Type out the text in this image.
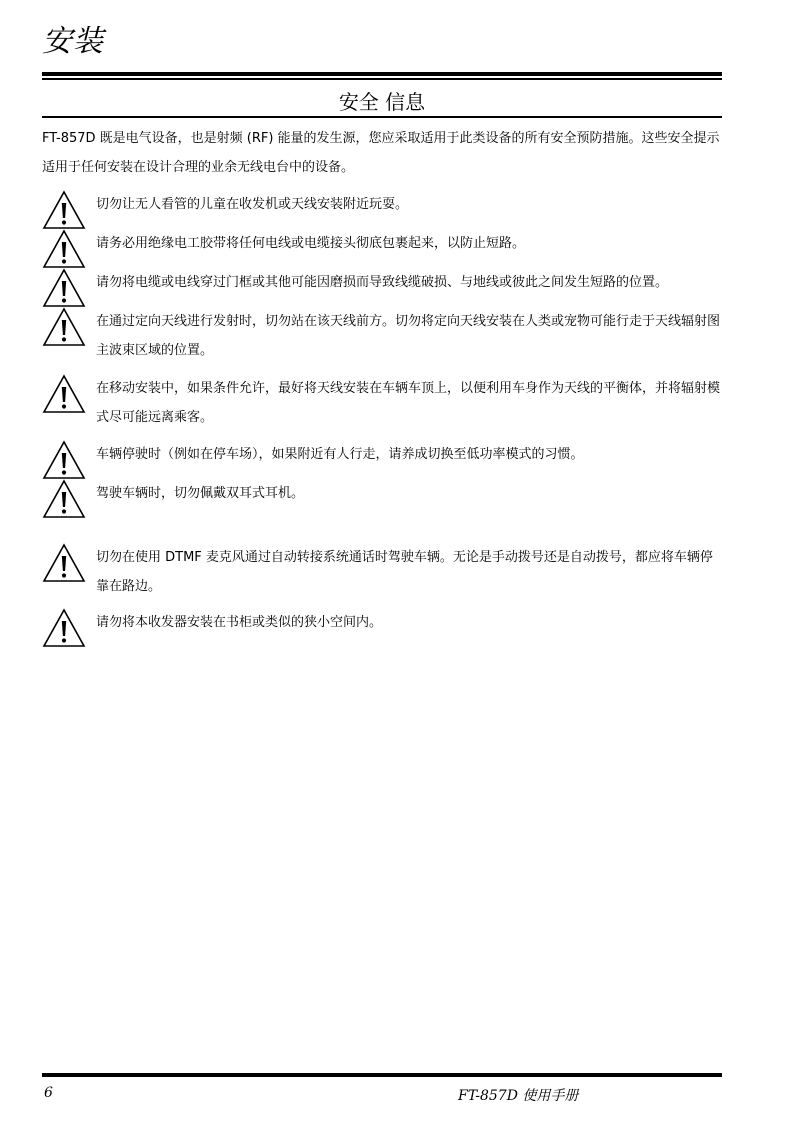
安装
安全 信息
FT-857D 既是电气设备，也是射频 (RF) 能量的发生源，您应采取适用于此类设备的所有安全预防措施。这些安全提示适用于任何安装在设计合理的业余无线电台中的设备。
切勿让无人看管的儿童在收发机或天线安装附近玩耍。
请务必用绝缘电工胶带将任何电线或电缆接头彻底包裹起来，以防止短路。
请勿将电缆或电线穿过门框或其他可能因磨损而导致线缆破损、与地线或彼此之间发生短路的位置。
在通过定向天线进行发射时，切勿站在该天线前方。切勿将定向天线安装在人类或宠物可能行走于天线辐射图主波束区域的位置。
在移动安装中，如果条件允许，最好将天线安装在车辆车顶上，以便利用车身作为天线的平衡体，并将辐射模式尽可能远离乘客。
车辆停驶时（例如在停车场），如果附近有人行走，请养成切换至低功率模式的习惯。
驾驶车辆时，切勿佩戴双耳式耳机。
切勿在使用 DTMF 麦克风通过自动转接系统通话时驾驶车辆。无论是手动拨号还是自动拨号，都应将车辆停靠在路边。
请勿将本收发器安装在书柜或类似的狭小空间内。
6	FT-857D 使用手册
